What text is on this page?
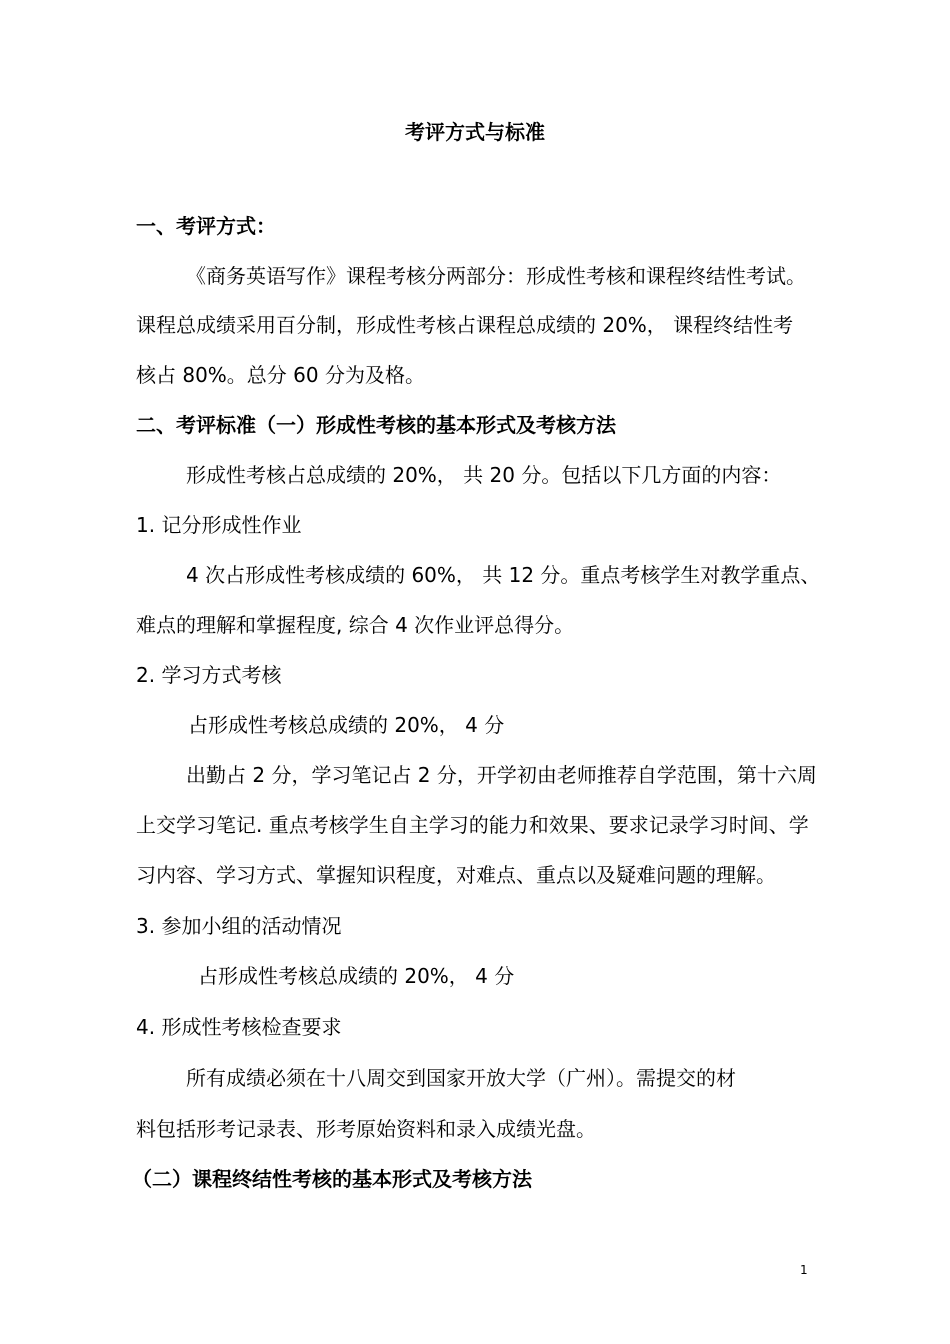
考评方式与标准
一、考评方式：
《商务英语写作》课程考核分两部分：形成性考核和课程终结性考试。
课程总成绩采用百分制，形成性考核占课程总成绩的 20%， 课程终结性考
核占 80%。总分 60 分为及格。
二、考评标准（一）形成性考核的基本形式及考核方法
形成性考核占总成绩的 20%， 共 20 分。包括以下几方面的内容：
1. 记分形成性作业
4 次占形成性考核成绩的 60%， 共 12 分。重点考核学生对教学重点、
难点的理解和掌握程度, 综合 4 次作业评总得分。
2. 学习方式考核
占形成性考核总成绩的 20%， 4 分
出勤占 2 分，学习笔记占 2 分，开学初由老师推荐自学范围，第十六周
上交学习笔记. 重点考核学生自主学习的能力和效果、要求记录学习时间、学
习内容、学习方式、掌握知识程度，对难点、重点以及疑难问题的理解。
3. 参加小组的活动情况
占形成性考核总成绩的 20%， 4 分
4. 形成性考核检查要求
所有成绩必须在十八周交到国家开放大学（广州）。需提交的材
料包括形考记录表、形考原始资料和录入成绩光盘。
（二）课程终结性考核的基本形式及考核方法
1
